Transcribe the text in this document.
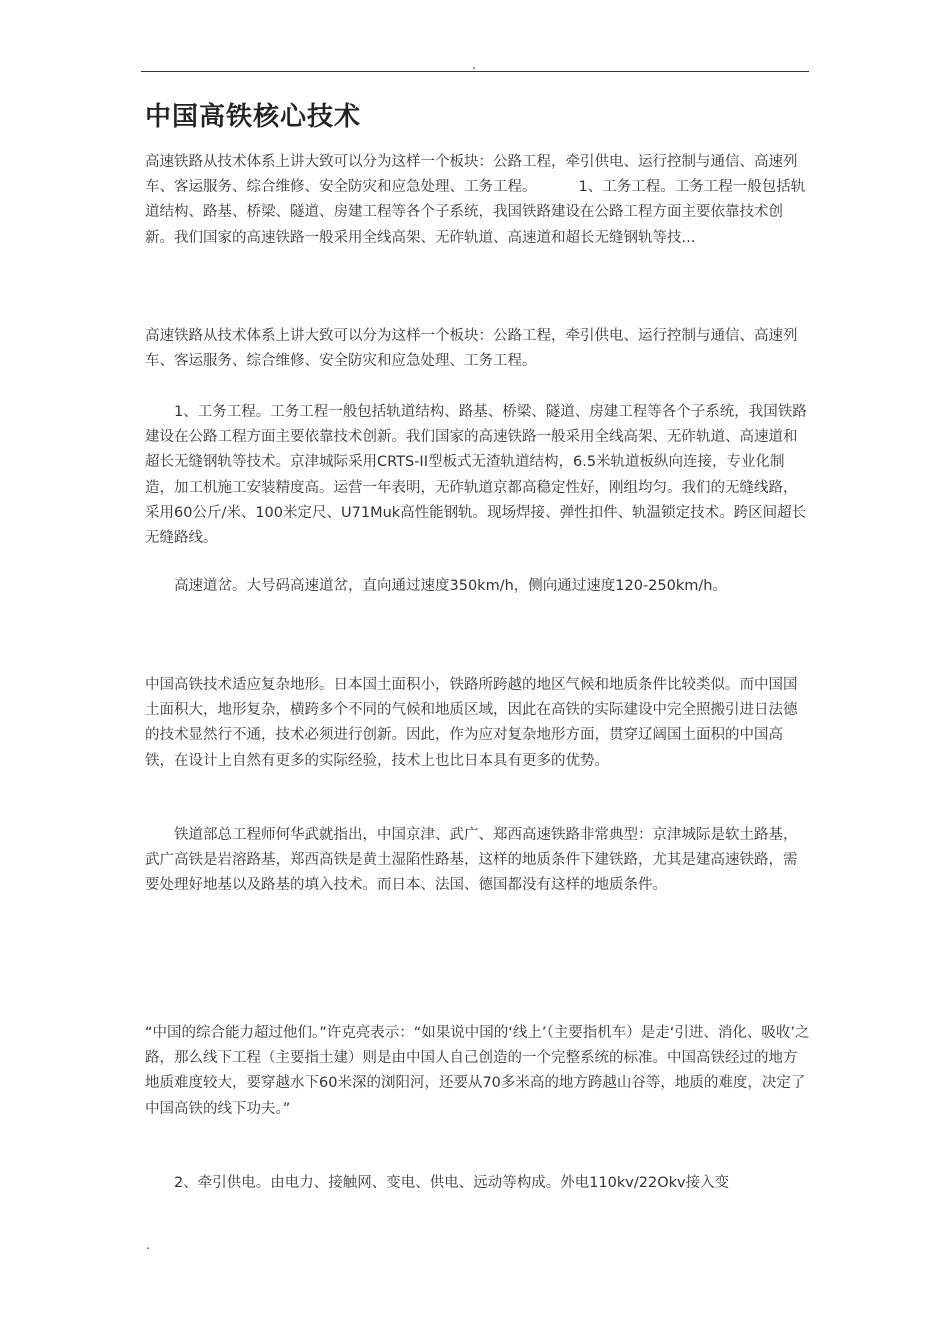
.
中国高铁核心技术

高速铁路从技术体系上讲大致可以分为这样一个板块：公路工程，牵引供电、运行控制与通信、高速列车、客运服务、综合维修、安全防灾和应急处理、工务工程。	1、工务工程。工务工程一般包括轨道结构、路基、桥梁、隧道、房建工程等各个子系统，我国铁路建设在公路工程方面主要依靠技术创新。我们国家的高速铁路一般采用全线高架、无砟轨道、高速道和超长无缝钢轨等技...

高速铁路从技术体系上讲大致可以分为这样一个板块：公路工程，牵引供电、运行控制与通信、高速列车、客运服务、综合维修、安全防灾和应急处理、工务工程。

1、工务工程。工务工程一般包括轨道结构、路基、桥梁、隧道、房建工程等各个子系统，我国铁路建设在公路工程方面主要依靠技术创新。我们国家的高速铁路一般采用全线高架、无砟轨道、高速道和超长无缝钢轨等技术。京津城际采用CRTS-II型板式无渣轨道结构，6.5米轨道板纵向连接，专业化制造，加工机施工安装精度高。运营一年表明，无砟轨道京都高稳定性好，刚组均匀。我们的无缝线路，采用60公斤/米、100米定尺、U71Muk高性能钢轨。现场焊接、弹性扣件、轨温锁定技术。跨区间超长无缝路线。

高速道岔。大号码高速道岔，直向通过速度350km/h，侧向通过速度120-250km/h。

中国高铁技术适应复杂地形。日本国土面积小，铁路所跨越的地区气候和地质条件比较类似。而中国国土面积大，地形复杂，横跨多个不同的气候和地质区域，因此在高铁的实际建设中完全照搬引进日法德的技术显然行不通，技术必须进行创新。因此，作为应对复杂地形方面，贯穿辽阔国土面积的中国高铁，在设计上自然有更多的实际经验，技术上也比日本具有更多的优势。

铁道部总工程师何华武就指出，中国京津、武广、郑西高速铁路非常典型：京津城际是软土路基，武广高铁是岩溶路基，郑西高铁是黄土湿陷性路基，这样的地质条件下建铁路，尤其是建高速铁路，需要处理好地基以及路基的填入技术。而日本、法国、德国都没有这样的地质条件。

“中国的综合能力超过他们。”许克亮表示：“如果说中国的‘线上’（主要指机车）是走‘引进、消化、吸收’之路，那么线下工程（主要指土建）则是由中国人自己创造的一个完整系统的标准。中国高铁经过的地方地质难度较大，要穿越水下60米深的浏阳河，还要从70多米高的地方跨越山谷等，地质的难度，决定了中国高铁的线下功夫。”

2、牵引供电。由电力、接触网、变电、供电、远动等构成。外电110kv/22Okv接入变

.
